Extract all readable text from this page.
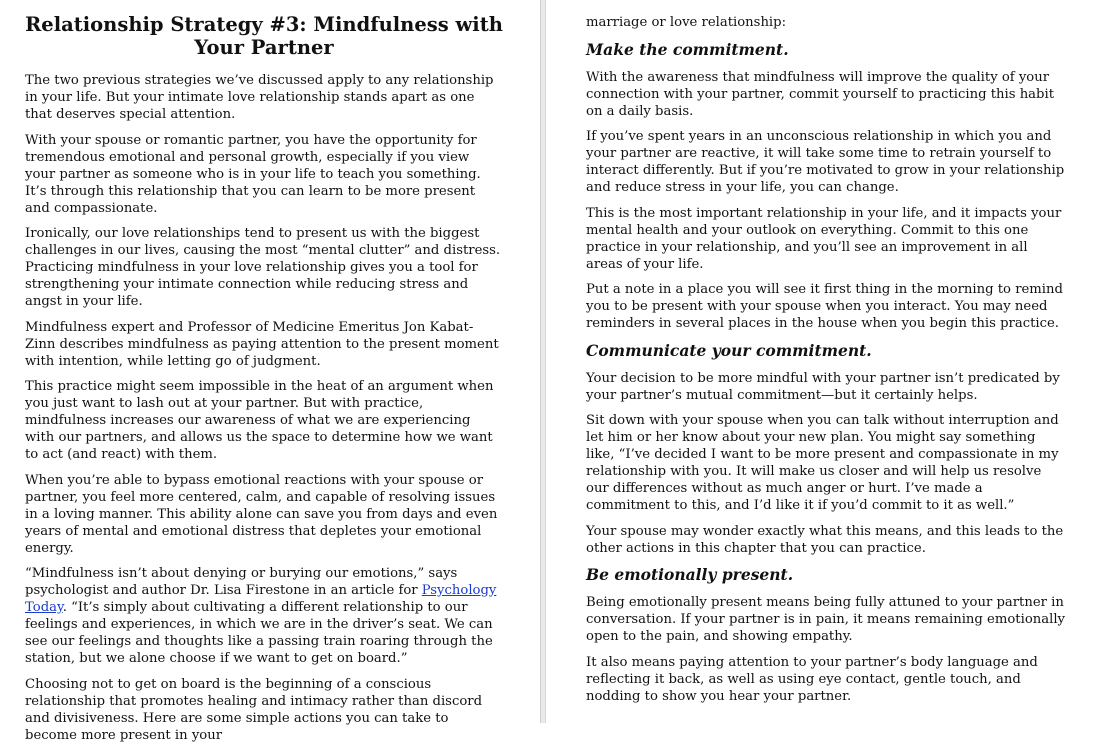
Relationship Strategy #3: Mindfulness with Your Partner

The two previous strategies we’ve discussed apply to any relationship in your life. But your intimate love relationship stands apart as one that deserves special attention.

With your spouse or romantic partner, you have the opportunity for tremendous emotional and personal growth, especially if you view your partner as someone who is in your life to teach you something. It’s through this relationship that you can learn to be more present and compassionate.

Ironically, our love relationships tend to present us with the biggest challenges in our lives, causing the most “mental clutter” and distress. Practicing mindfulness in your love relationship gives you a tool for strengthening your intimate connection while reducing stress and angst in your life.

Mindfulness expert and Professor of Medicine Emeritus Jon Kabat-Zinn describes mindfulness as paying attention to the present moment with intention, while letting go of judgment.

This practice might seem impossible in the heat of an argument when you just want to lash out at your partner. But with practice, mindfulness increases our awareness of what we are experiencing with our partners, and allows us the space to determine how we want to act (and react) with them.

When you’re able to bypass emotional reactions with your spouse or partner, you feel more centered, calm, and capable of resolving issues in a loving manner. This ability alone can save you from days and even years of mental and emotional distress that depletes your emotional energy.

“Mindfulness isn’t about denying or burying our emotions,” says psychologist and author Dr. Lisa Firestone in an article for Psychology Today. “It’s simply about cultivating a different relationship to our feelings and experiences, in which we are in the driver’s seat. We can see our feelings and thoughts like a passing train roaring through the station, but we alone choose if we want to get on board.”

Choosing not to get on board is the beginning of a conscious relationship that promotes healing and intimacy rather than discord and divisiveness. Here are some simple actions you can take to become more present in your

marriage or love relationship:

Make the commitment.

With the awareness that mindfulness will improve the quality of your connection with your partner, commit yourself to practicing this habit on a daily basis.

If you’ve spent years in an unconscious relationship in which you and your partner are reactive, it will take some time to retrain yourself to interact differently. But if you’re motivated to grow in your relationship and reduce stress in your life, you can change.

This is the most important relationship in your life, and it impacts your mental health and your outlook on everything. Commit to this one practice in your relationship, and you’ll see an improvement in all areas of your life.

Put a note in a place you will see it first thing in the morning to remind you to be present with your spouse when you interact. You may need reminders in several places in the house when you begin this practice.

Communicate your commitment.

Your decision to be more mindful with your partner isn’t predicated by your partner’s mutual commitment—but it certainly helps.

Sit down with your spouse when you can talk without interruption and let him or her know about your new plan. You might say something like, “I’ve decided I want to be more present and compassionate in my relationship with you. It will make us closer and will help us resolve our differences without as much anger or hurt. I’ve made a commitment to this, and I’d like it if you’d commit to it as well.”

Your spouse may wonder exactly what this means, and this leads to the other actions in this chapter that you can practice.

Be emotionally present.

Being emotionally present means being fully attuned to your partner in conversation. If your partner is in pain, it means remaining emotionally open to the pain, and showing empathy.

It also means paying attention to your partner’s body language and reflecting it back, as well as using eye contact, gentle touch, and nodding to show you hear your partner.
